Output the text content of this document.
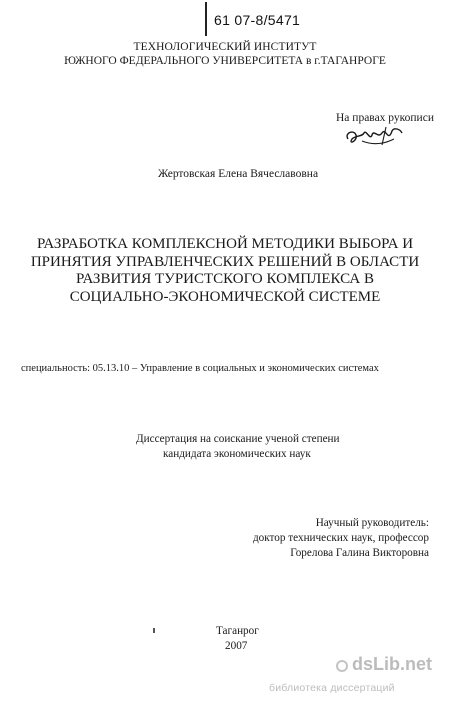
61 07-8/5471
ТЕХНОЛОГИЧЕСКИЙ ИНСТИТУТ
ЮЖНОГО ФЕДЕРАЛЬНОГО УНИВЕРСИТЕТА в г.ТАГАНРОГЕ
На правах рукописи
Жертовская Елена Вячеславовна
РАЗРАБОТКА КОМПЛЕКСНОЙ МЕТОДИКИ ВЫБОРА И
ПРИНЯТИЯ УПРАВЛЕНЧЕСКИХ РЕШЕНИЙ В ОБЛАСТИ
РАЗВИТИЯ ТУРИСТСКОГО КОМПЛЕКСА В
СОЦИАЛЬНО-ЭКОНОМИЧЕСКОЙ СИСТЕМЕ
специальность: 05.13.10 – Управление в социальных и экономических системах
Диссертация на соискание ученой степени
кандидата экономических наук
Научный руководитель:
доктор технических наук, профессор
Горелова Галина Викторовна
Таганрог
2007
dsLib.net
библиотека диссертаций
